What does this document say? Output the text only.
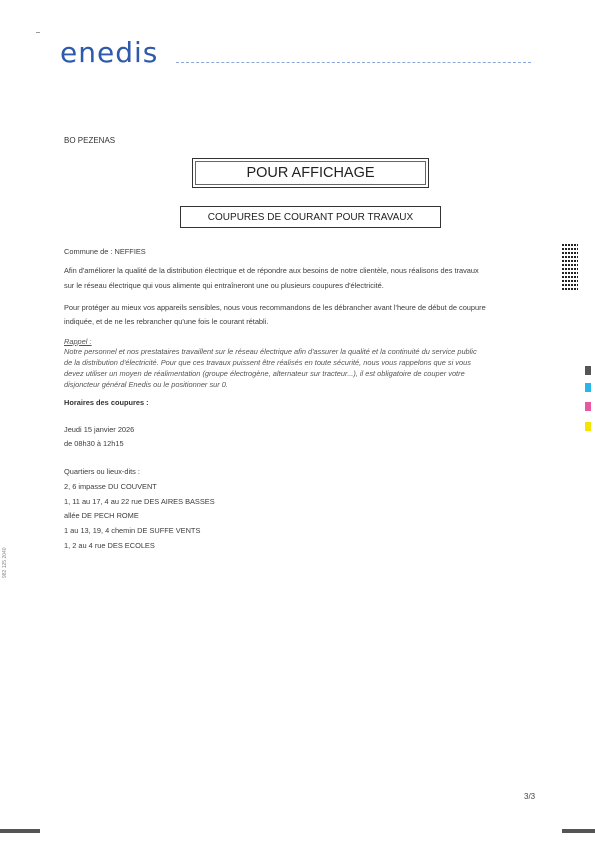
enedis
BO PEZENAS
POUR AFFICHAGE
COUPURES DE COURANT POUR TRAVAUX
Commune de : NEFFIES
Afin d'améliorer la qualité de la distribution électrique et de répondre aux besoins de notre clientèle, nous réalisons des travaux
sur le réseau électrique qui vous alimente qui entraîneront une ou plusieurs coupures d'électricité.
Pour protéger au mieux vos appareils sensibles, nous vous recommandons de les débrancher avant l'heure de début de coupure
indiquée, et de ne les rebrancher qu'une fois le courant rétabli.
Rappel :
Notre personnel et nos prestataires travaillent sur le réseau électrique afin d'assurer la qualité et la continuité du service public
de la distribution d'électricité. Pour que ces travaux puissent être réalisés en toute sécurité, nous vous rappelons que si vous
devez utiliser un moyen de réalimentation (groupe électrogène, alternateur sur tracteur...), il est obligatoire de couper votre
disjoncteur général Enedis ou le positionner sur 0.
Horaires des coupures :
Jeudi 15 janvier 2026
de 08h30 à 12h15
Quartiers ou lieux-dits :
2, 6 impasse DU COUVENT
1, 11 au 17, 4 au 22 rue DES AIRES BASSES
allée DE PECH ROME
1 au 13, 19, 4 chemin DE SUFFE VENTS
1, 2 au 4 rue DES ECOLES
982 125 2040
3/3
